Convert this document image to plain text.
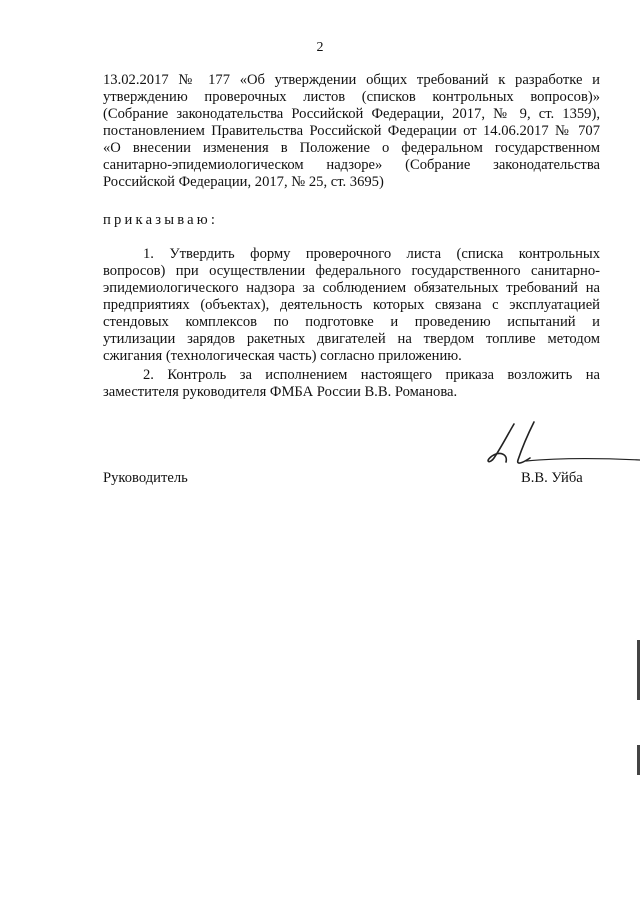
2
13.02.2017 № 177 «Об утверждении общих требований к разработке и
утверждению проверочных листов (списков контрольных вопросов)»
(Собрание законодательства Российской Федерации, 2017, № 9, ст. 1359),
постановлением Правительства Российской Федерации от 14.06.2017 № 707
«О внесении изменения в Положение о федеральном государственном
санитарно-эпидемиологическом надзоре» (Собрание законодательства
Российской Федерации, 2017, № 25, ст. 3695)
приказываю:
1. Утвердить форму проверочного листа (списка контрольных
вопросов) при осуществлении федерального государственного санитарно-
эпидемиологического надзора за соблюдением обязательных требований на
предприятиях (объектах), деятельность которых связана с эксплуатацией
стендовых комплексов по подготовке и проведению испытаний и
утилизации зарядов ракетных двигателей на твердом топливе методом
сжигания (технологическая часть) согласно приложению.
2. Контроль за исполнением настоящего приказа возложить на
заместителя руководителя ФМБА России В.В. Романова.
Руководитель	В.В. Уйба
